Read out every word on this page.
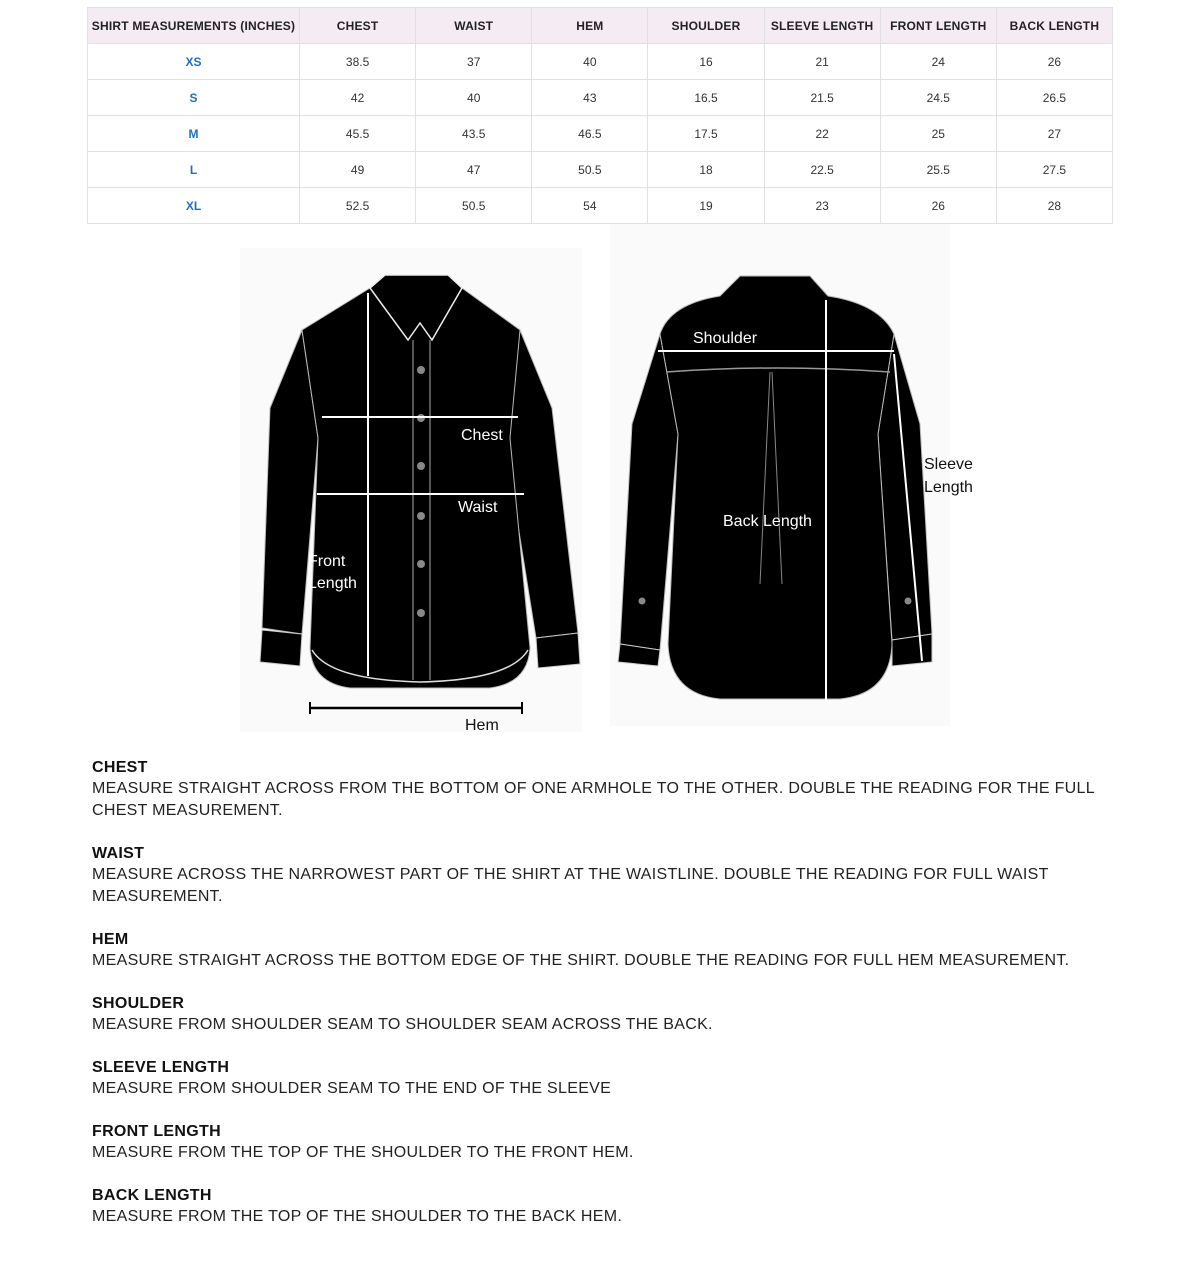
SHIRT MEASUREMENTS (INCHES)	CHEST	WAIST	HEM	SHOULDER	SLEEVE LENGTH	FRONT LENGTH	BACK LENGTH
XS	38.5	37	40	16	21	24	26
S	42	40	43	16.5	21.5	24.5	26.5
M	45.5	43.5	46.5	17.5	22	25	27
L	49	47	50.5	18	22.5	25.5	27.5
XL	52.5	50.5	54	19	23	26	28
Chest
Waist
Front
Length
Hem
Shoulder
Back Length
Sleeve
Length
CHEST
MEASURE STRAIGHT ACROSS FROM THE BOTTOM OF ONE ARMHOLE TO THE OTHER. DOUBLE THE READING FOR THE FULL CHEST MEASUREMENT.
WAIST
MEASURE ACROSS THE NARROWEST PART OF THE SHIRT AT THE WAISTLINE. DOUBLE THE READING FOR FULL WAIST MEASUREMENT.
HEM
MEASURE STRAIGHT ACROSS THE BOTTOM EDGE OF THE SHIRT. DOUBLE THE READING FOR FULL HEM MEASUREMENT.
SHOULDER
MEASURE FROM SHOULDER SEAM TO SHOULDER SEAM ACROSS THE BACK.
SLEEVE LENGTH
MEASURE FROM SHOULDER SEAM TO THE END OF THE SLEEVE
FRONT LENGTH
MEASURE FROM THE TOP OF THE SHOULDER TO THE FRONT HEM.
BACK LENGTH
MEASURE FROM THE TOP OF THE SHOULDER TO THE BACK HEM.
